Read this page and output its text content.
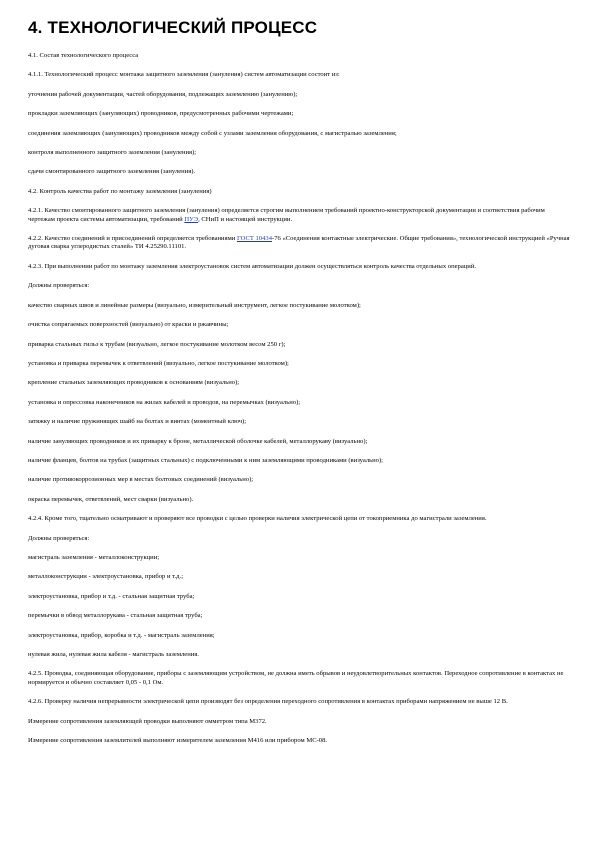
4. ТЕХНОЛОГИЧЕСКИЙ ПРОЦЕСС
4.1. Состав технологического процесса
4.1.1. Технологический процесс монтажа защитного заземления (зануления) систем автоматизации состоит из:
уточнения рабочей документации, частей оборудования, подлежащих заземлению (занулению);
прокладки заземляющих (зануляющих) проводников, предусмотренных рабочими чертежами;
соединения заземляющих (зануляющих) проводников между собой с узлами заземления оборудования, с магистралью заземления;
контроля выполненного защитного заземления (зануления);
сдачи смонтированного защитного заземления (зануления).
4.2. Контроль качества работ по монтажу заземления (зануления)
4.2.1. Качество смонтированного защитного заземления (зануления) определяется строгим выполнением требований проектно-конструкторской документации и соответствия рабочим чертежам проекта системы автоматизации, требований ПУЭ, СНиП и настоящей инструкции.
4.2.2. Качество соединений и присоединений определяется требованиями ГОСТ 10434-76 «Соединения контактные электрические. Общие требования», технологической инструкцией «Ручная дуговая сварка углеродистых сталей» ТИ 4.25290.11101.
4.2.3. При выполнении работ по монтажу заземления электроустановок систем автоматизации должен осуществляться контроль качества отдельных операций.
Должны проверяться:
качество сварных швов и линейные размеры (визуально, измерительный инструмент, легкое постукивание молотком);
очистка сопрягаемых поверхностей (визуально) от краски и ржавчины;
приварка стальных гильз к трубам (визуально, легкое постукивание молотком весом 250 г);
установка и приварка перемычек к ответвлений (визуально, легкое постукивание молотком);
крепление стальных заземляющих проводников к основаниям (визуально);
установка и опрессовка наконечников на жилах кабелей и проводов, на перемычках (визуально);
затяжку и наличие пружинящих шайб на болтах и винтах (моментный ключ);
наличие зануляющих проводников и их приварку к броне, металлической оболочке кабелей, металлорукаву (визуально);
наличие фланцев, болтов на трубах (защитных стальных) с подключенными к ним заземляющими проводниками (визуально);
наличие противокоррозионных мер в местах болтовых соединений (визуально);
окраска перемычек, ответвлений, мест сварки (визуально).
4.2.4. Кроме того, тщательно осматривают и проверяют все проводки с целью проверки наличия электрической цепи от токоприемника до магистрали заземления.
Должны проверяться:
магистраль заземления - металлоконструкции;
металлоконструкции - электроустановка, прибор и т.д.;
электроустановка, прибор и т.д. - стальная защитная труба;
перемычки в обвод металлорукава - стальная защитная труба;
электроустановка, прибор, коробка и т.д. - магистраль заземления;
нулевая жила, нулевая жила кабеля - магистраль заземления.
4.2.5. Проводка, соединяющая оборудование, приборы с заземляющим устройством, не должна иметь обрывов и неудовлетворительных контактов. Переходное сопротивление в контактах не нормируется и обычно составляет 0,05 - 0,1 Ом.
4.2.6. Проверку наличия непрерывности электрической цепи производят без определения переходного сопротивления в контактах приборами напряжением не выше 12 В.
Измерение сопротивления заземляющей проводки выполняют омметром типа М372.
Измерение сопротивления заземлителей выполняют измерителем заземления М416 или прибором МС-08.
